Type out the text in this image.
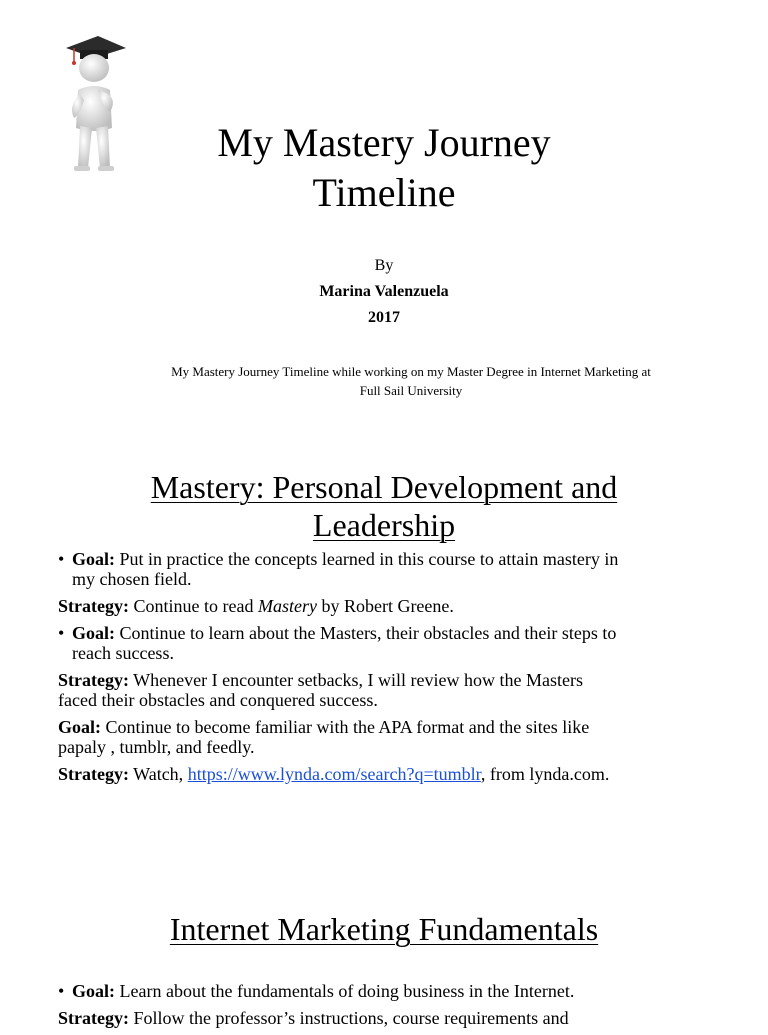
My Mastery Journey
Timeline
By
Marina Valenzuela
2017
My Mastery Journey Timeline while working on my Master Degree in Internet Marketing at
Full Sail University
Mastery: Personal Development and
Leadership
• Goal: Put in practice the concepts learned in this course to attain mastery in
my chosen field.
Strategy: Continue to read Mastery by Robert Greene.
• Goal: Continue to learn about the Masters, their obstacles and their steps to
reach success.
Strategy: Whenever I encounter setbacks, I will review how the Masters
faced their obstacles and conquered success.
Goal: Continue to become familiar with the APA format and the sites like
papaly , tumblr, and feedly.
Strategy: Watch, https://www.lynda.com/search?q=tumblr, from lynda.com.
Internet Marketing Fundamentals
• Goal: Learn about the fundamentals of doing business in the Internet.
Strategy: Follow the professor’s instructions, course requirements and
